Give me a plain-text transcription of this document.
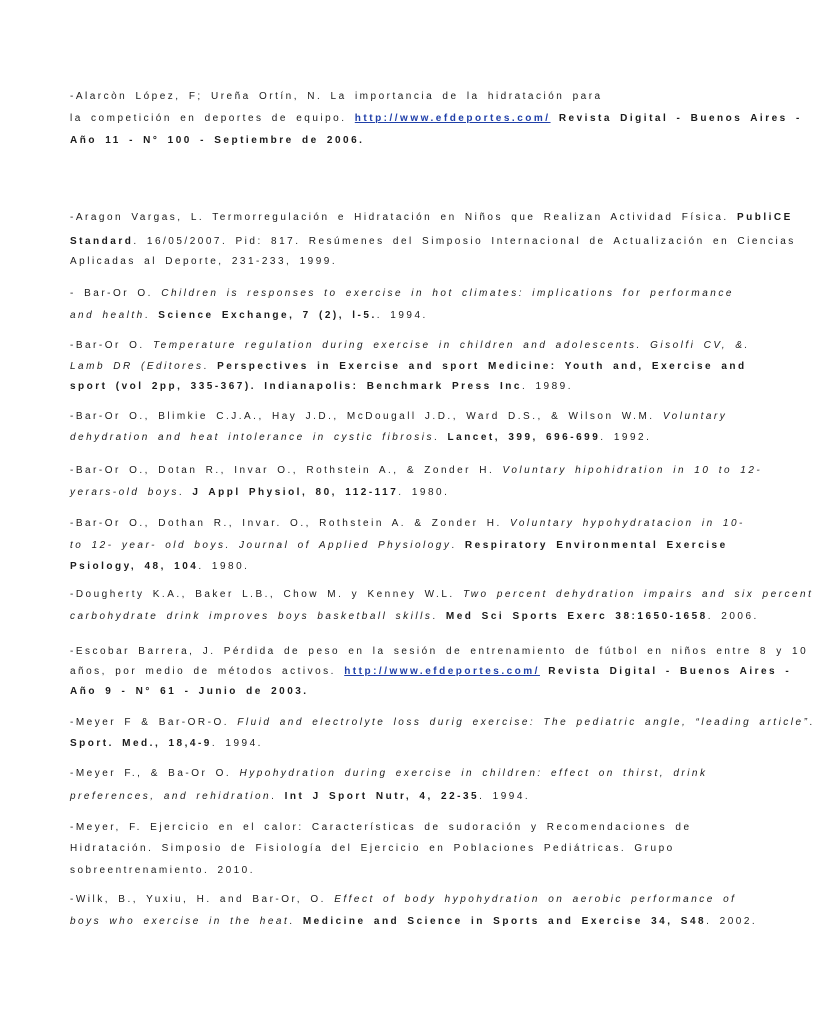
-Alarcòn López, F; Ureña Ortín, N. La importancia de la hidratación para
la competición en deportes de equipo. http://www.efdeportes.com/ Revista Digital - Buenos Aires -
Año 11 - N° 100 - Septiembre de 2006.
-Aragon Vargas, L. Termorregulación e Hidratación en Niños que Realizan Actividad Física. PubliCE
Standard. 16/05/2007. Pid: 817. Resúmenes del Simposio Internacional de Actualización en Ciencias
Aplicadas al Deporte, 231-233, 1999.
- Bar-Or O. Children is responses to exercise in hot climates: implications for performance
and health. Science Exchange, 7 (2), l-5.. 1994.
-Bar-Or O. Temperature regulation during exercise in children and adolescents. Gisolfi CV, &.
Lamb DR (Editores. Perspectives in Exercise and sport Medicine: Youth and, Exercise and
sport (vol 2pp, 335-367). Indianapolis: Benchmark Press Inc. 1989.
-Bar-Or O., Blimkie C.J.A., Hay J.D., McDougall J.D., Ward D.S., & Wilson W.M. Voluntary
dehydration and heat intolerance in cystic fibrosis. Lancet, 399, 696-699. 1992.
-Bar-Or O., Dotan R., Invar O., Rothstein A., & Zonder H. Voluntary hipohidration in 10 to 12-
yerars-old boys. J Appl Physiol, 80, 112-117. 1980.
-Bar-Or O., Dothan R., Invar. O., Rothstein A. & Zonder H. Voluntary hypohydratacion in 10-
to 12- year- old boys. Journal of Applied Physiology. Respiratory Environmental Exercise
Psiology, 48, 104. 1980.
-Dougherty K.A., Baker L.B., Chow M. y Kenney W.L. Two percent dehydration impairs and six percent
carbohydrate drink improves boys basketball skills. Med Sci Sports Exerc 38:1650-1658. 2006.
-Escobar Barrera, J. Pérdida de peso en la sesión de entrenamiento de fútbol en niños entre 8 y 10
años, por medio de métodos activos. http://www.efdeportes.com/ Revista Digital - Buenos Aires -
Año 9 - N° 61 - Junio de 2003.
-Meyer F & Bar-OR-O. Fluid and electrolyte loss durig exercise: The pediatric angle, “leading article”.
Sport. Med., 18,4-9. 1994.
-Meyer F., & Ba-Or O. Hypohydration during exercise in children: effect on thirst, drink
preferences, and rehidration. Int J Sport Nutr, 4, 22-35. 1994.
-Meyer, F. Ejercicio en el calor: Características de sudoración y Recomendaciones de
Hidratación. Simposio de Fisiología del Ejercicio en Poblaciones Pediátricas. Grupo
sobreentrenamiento. 2010.
-Wilk, B., Yuxiu, H. and Bar-Or, O. Effect of body hypohydration on aerobic performance of
boys who exercise in the heat. Medicine and Science in Sports and Exercise 34, S48. 2002.
